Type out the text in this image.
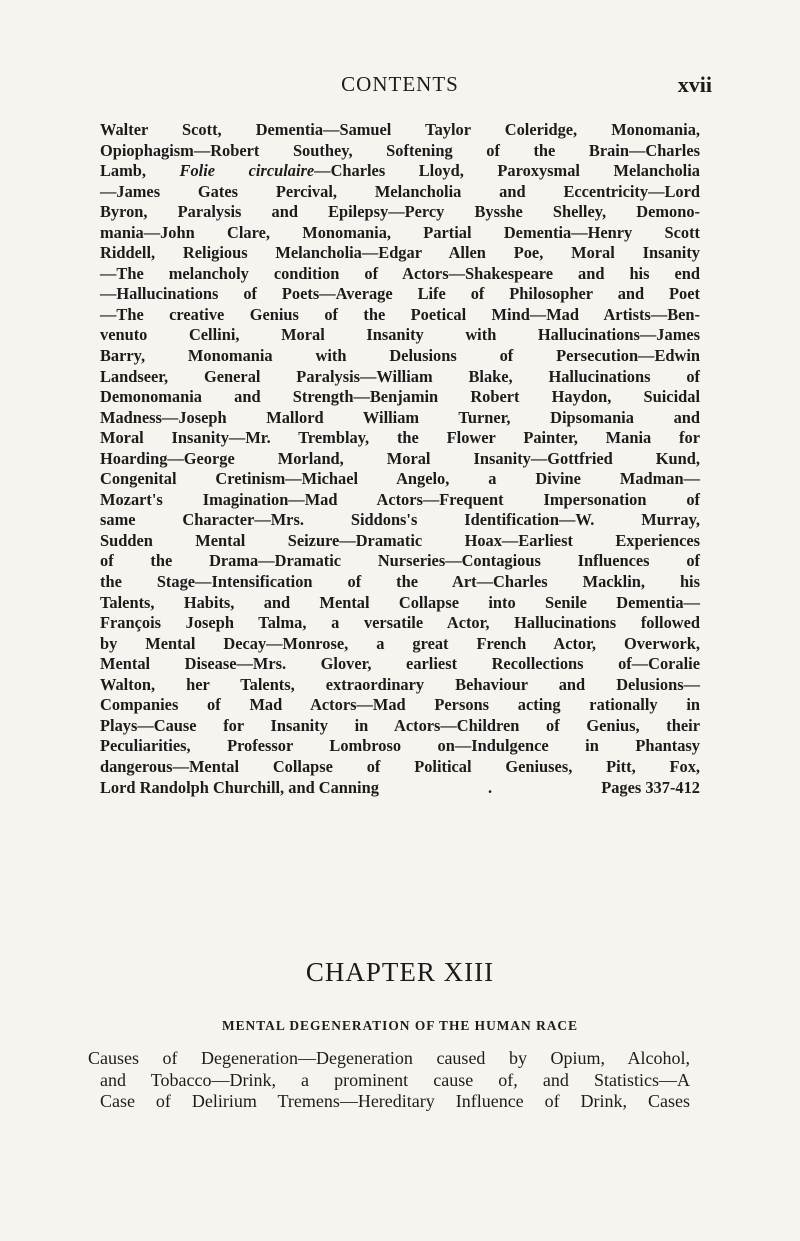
CONTENTS	xvii
Walter Scott, Dementia—Samuel Taylor Coleridge, Monomania,
Opiophagism—Robert Southey, Softening of the Brain—Charles
Lamb, Folie circulaire—Charles Lloyd, Paroxysmal Melancholia
—James Gates Percival, Melancholia and Eccentricity—Lord
Byron, Paralysis and Epilepsy—Percy Bysshe Shelley, Demono-
mania—John Clare, Monomania, Partial Dementia—Henry Scott
Riddell, Religious Melancholia—Edgar Allen Poe, Moral Insanity
—The melancholy condition of Actors—Shakespeare and his end
—Hallucinations of Poets—Average Life of Philosopher and Poet
—The creative Genius of the Poetical Mind—Mad Artists—Ben-
venuto Cellini, Moral Insanity with Hallucinations—James
Barry, Monomania with Delusions of Persecution—Edwin
Landseer, General Paralysis—William Blake, Hallucinations of
Demonomania and Strength—Benjamin Robert Haydon, Suicidal
Madness—Joseph Mallord William Turner, Dipsomania and
Moral Insanity—Mr. Tremblay, the Flower Painter, Mania for
Hoarding—George Morland, Moral Insanity—Gottfried Kund,
Congenital Cretinism—Michael Angelo, a Divine Madman—
Mozart's Imagination—Mad Actors—Frequent Impersonation of
same Character—Mrs. Siddons's Identification—W. Murray,
Sudden Mental Seizure—Dramatic Hoax—Earliest Experiences
of the Drama—Dramatic Nurseries—Contagious Influences of
the Stage—Intensification of the Art—Charles Macklin, his
Talents, Habits, and Mental Collapse into Senile Dementia—
François Joseph Talma, a versatile Actor, Hallucinations followed
by Mental Decay—Monrose, a great French Actor, Overwork,
Mental Disease—Mrs. Glover, earliest Recollections of—Coralie
Walton, her Talents, extraordinary Behaviour and Delusions—
Companies of Mad Actors—Mad Persons acting rationally in
Plays—Cause for Insanity in Actors—Children of Genius, their
Peculiarities, Professor Lombroso on—Indulgence in Phantasy
dangerous—Mental Collapse of Political Geniuses, Pitt, Fox,
Lord Randolph Churchill, and Canning	.	Pages 337-412
CHAPTER XIII
MENTAL DEGENERATION OF THE HUMAN RACE
Causes of Degeneration—Degeneration caused by Opium, Alcohol,
and Tobacco—Drink, a prominent cause of, and Statistics—A
Case of Delirium Tremens—Hereditary Influence of Drink, Cases
